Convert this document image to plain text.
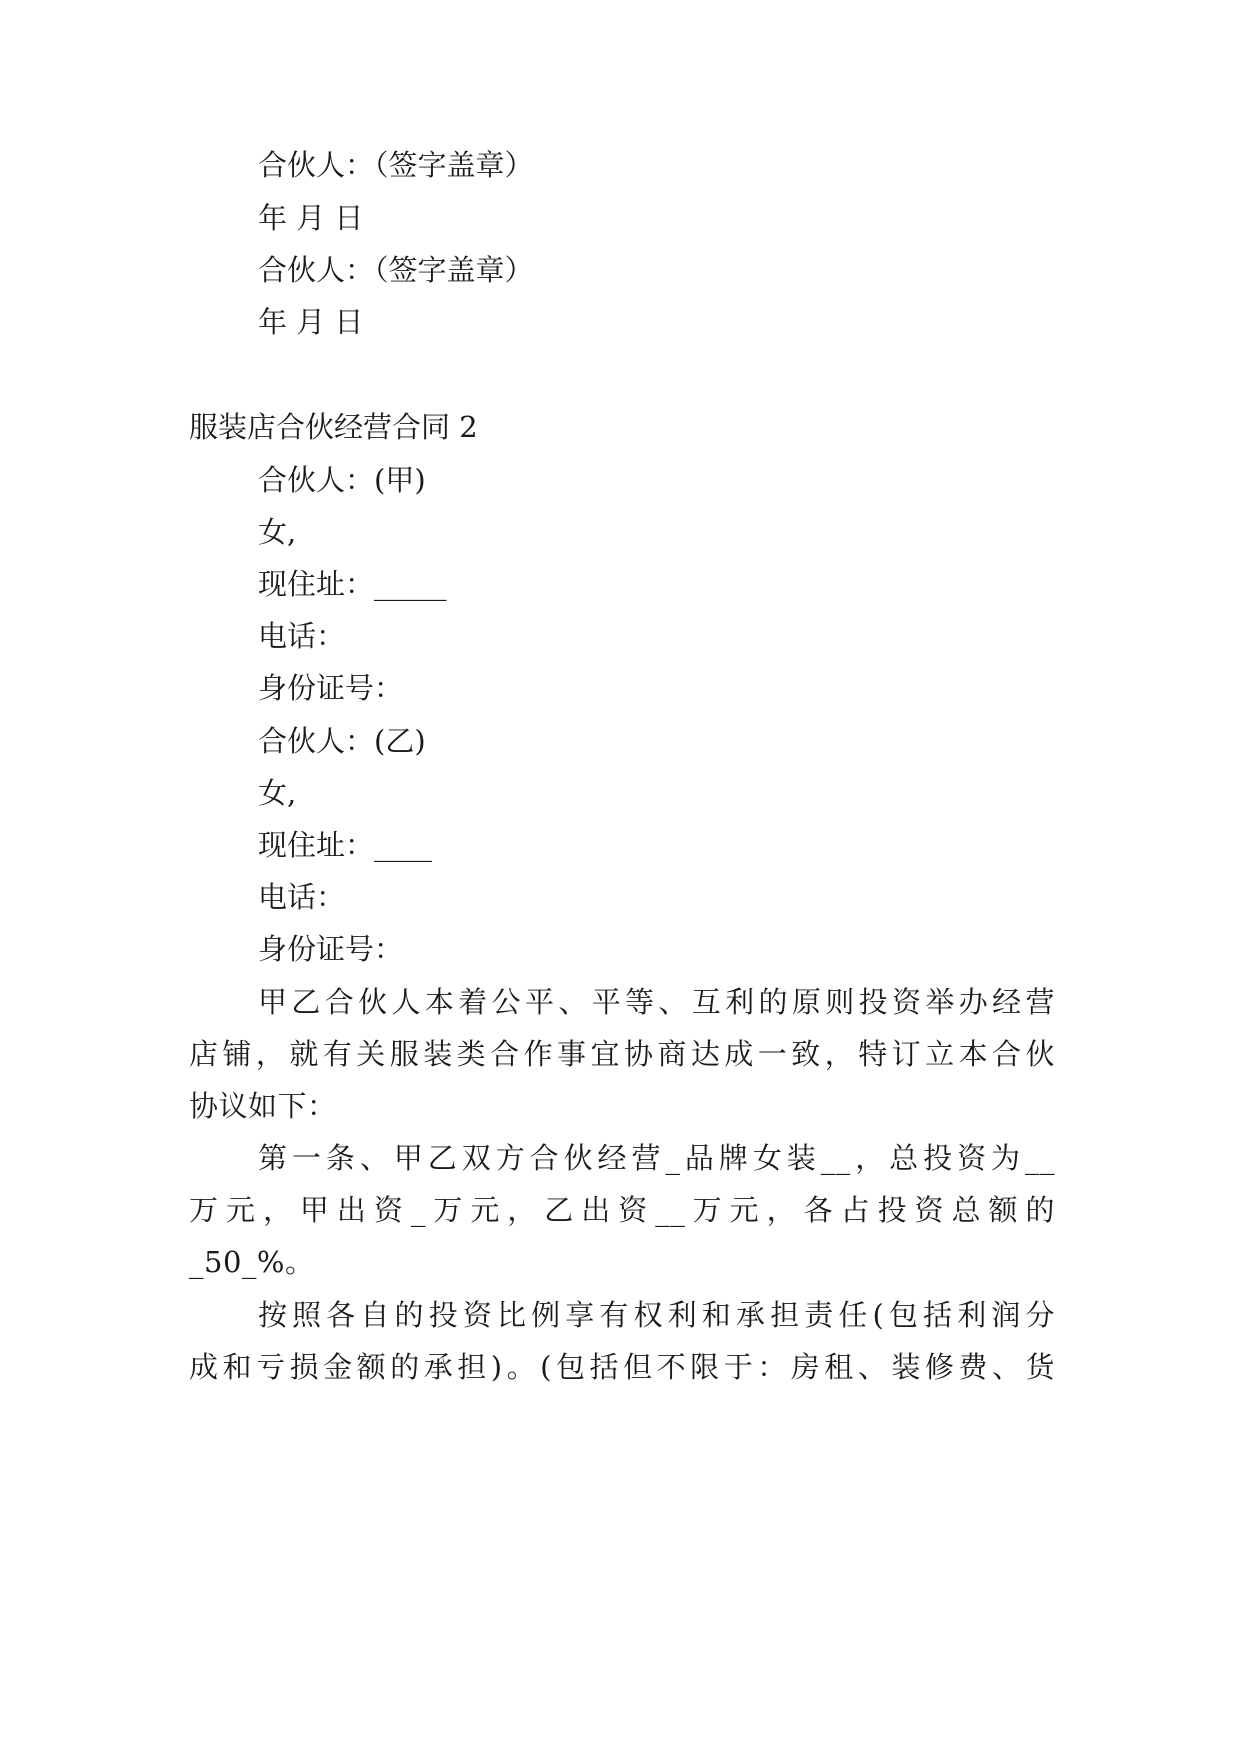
合伙人：（签字盖章）
年 月 日
合伙人：（签字盖章）
年 月 日
服装店合伙经营合同 2
合伙人：(甲)
女,
现住址：_____
电话：
身份证号：
合伙人：(乙)
女,
现住址：____
电话：
身份证号：
甲乙合伙人本着公平、平等、互利的原则投资举办经营
店铺，就有关服装类合作事宜协商达成一致，特订立本合伙
协议如下：
第一条、甲乙双方合伙经营_品牌女装__，总投资为__
万元，甲出资_万元，乙出资__万元，各占投资总额的
_50_%。
按照各自的投资比例享有权利和承担责任(包括利润分
成和亏损金额的承担)。(包括但不限于：房租、装修费、货
